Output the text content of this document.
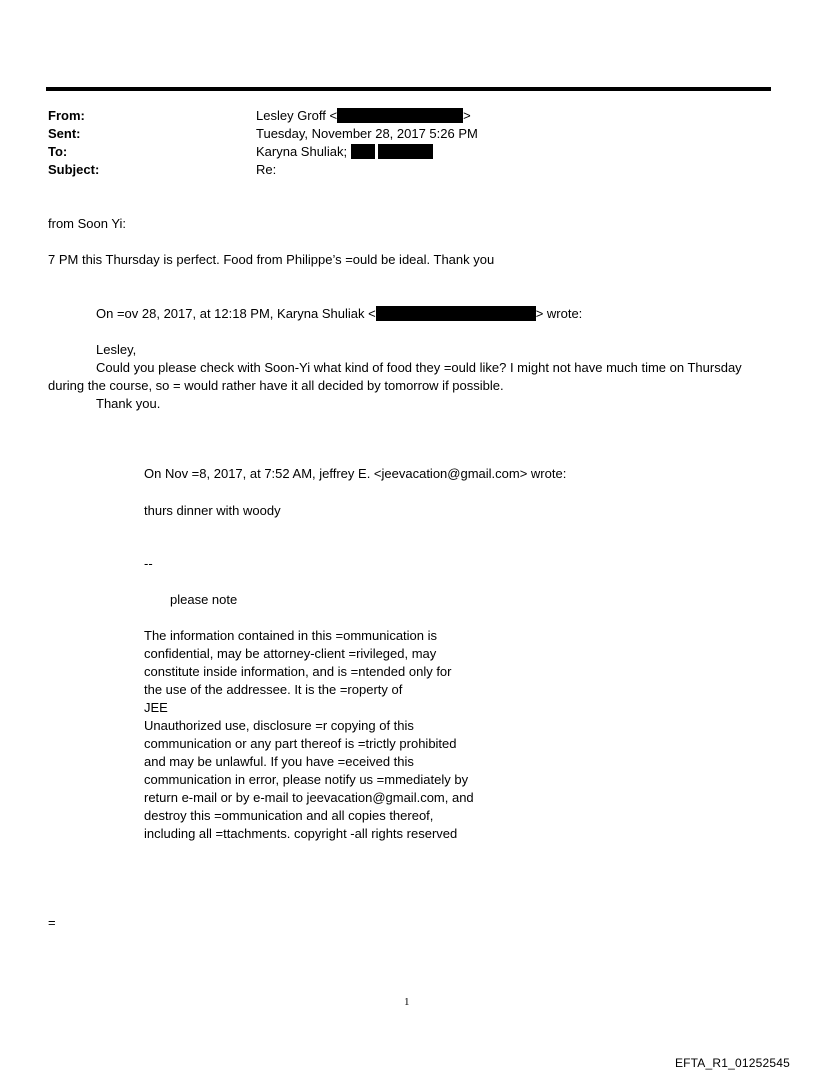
From:	Lesley Groff <	>
Sent:	Tuesday, November 28, 2017 5:26 PM
To:	Karyna Shuliak;
Subject:	Re:
from Soon Yi:
7 PM this Thursday is perfect. Food from Philippe’s =ould be ideal. Thank you
On =ov 28, 2017, at 12:18 PM, Karyna Shuliak <	> wrote:
Lesley,
Could you please check with Soon-Yi what kind of food they =ould like? I might not have much time on Thursday
during the course, so = would rather have it all decided by tomorrow if possible.
Thank you.
On Nov =8, 2017, at 7:52 AM, jeffrey E. <jeevacation@gmail.com> wrote:
thurs dinner with woody
--
please note
The information contained in this =ommunication is
confidential, may be attorney-client =rivileged, may
constitute inside information, and is =ntended only for
the use of the addressee. It is the =roperty of
JEE
Unauthorized use, disclosure =r copying of this
communication or any part thereof is =trictly prohibited
and may be unlawful. If you have =eceived this
communication in error, please notify us =mmediately by
return e-mail or by e-mail to jeevacation@gmail.com, and
destroy this =ommunication and all copies thereof,
including all =ttachments. copyright -all rights reserved
=
1
EFTA_R1_01252545
